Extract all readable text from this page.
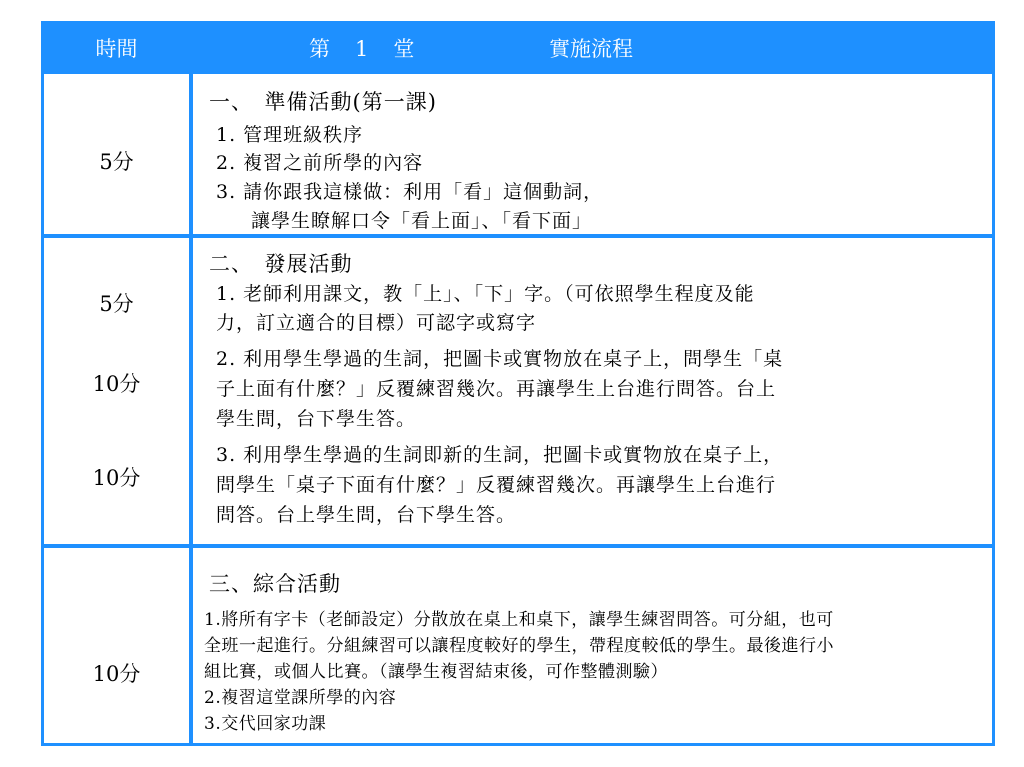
時間	第　1　堂	實施流程
5分
一、　準備活動(第一課)
1. 管理班級秩序
2. 複習之前所學的內容
3. 請你跟我這樣做：利用「看」這個動詞，
讓學生瞭解口令「看上面」、「看下面」
5分
10分
10分
二、　發展活動
1. 老師利用課文，教「上」、「下」字。（可依照學生程度及能
力，訂立適合的目標）可認字或寫字
2. 利用學生學過的生詞，把圖卡或實物放在桌子上，問學生「桌
子上面有什麼？」反覆練習幾次。再讓學生上台進行問答。台上
學生問，台下學生答。
3. 利用學生學過的生詞即新的生詞，把圖卡或實物放在桌子上，
問學生「桌子下面有什麼？」反覆練習幾次。再讓學生上台進行
問答。台上學生問，台下學生答。
10分
三、綜合活動
1.將所有字卡（老師設定）分散放在桌上和桌下，讓學生練習問答。可分組，也可
全班一起進行。分組練習可以讓程度較好的學生，帶程度較低的學生。最後進行小
組比賽，或個人比賽。（讓學生複習結束後，可作整體測驗）
2.複習這堂課所學的內容
3.交代回家功課
